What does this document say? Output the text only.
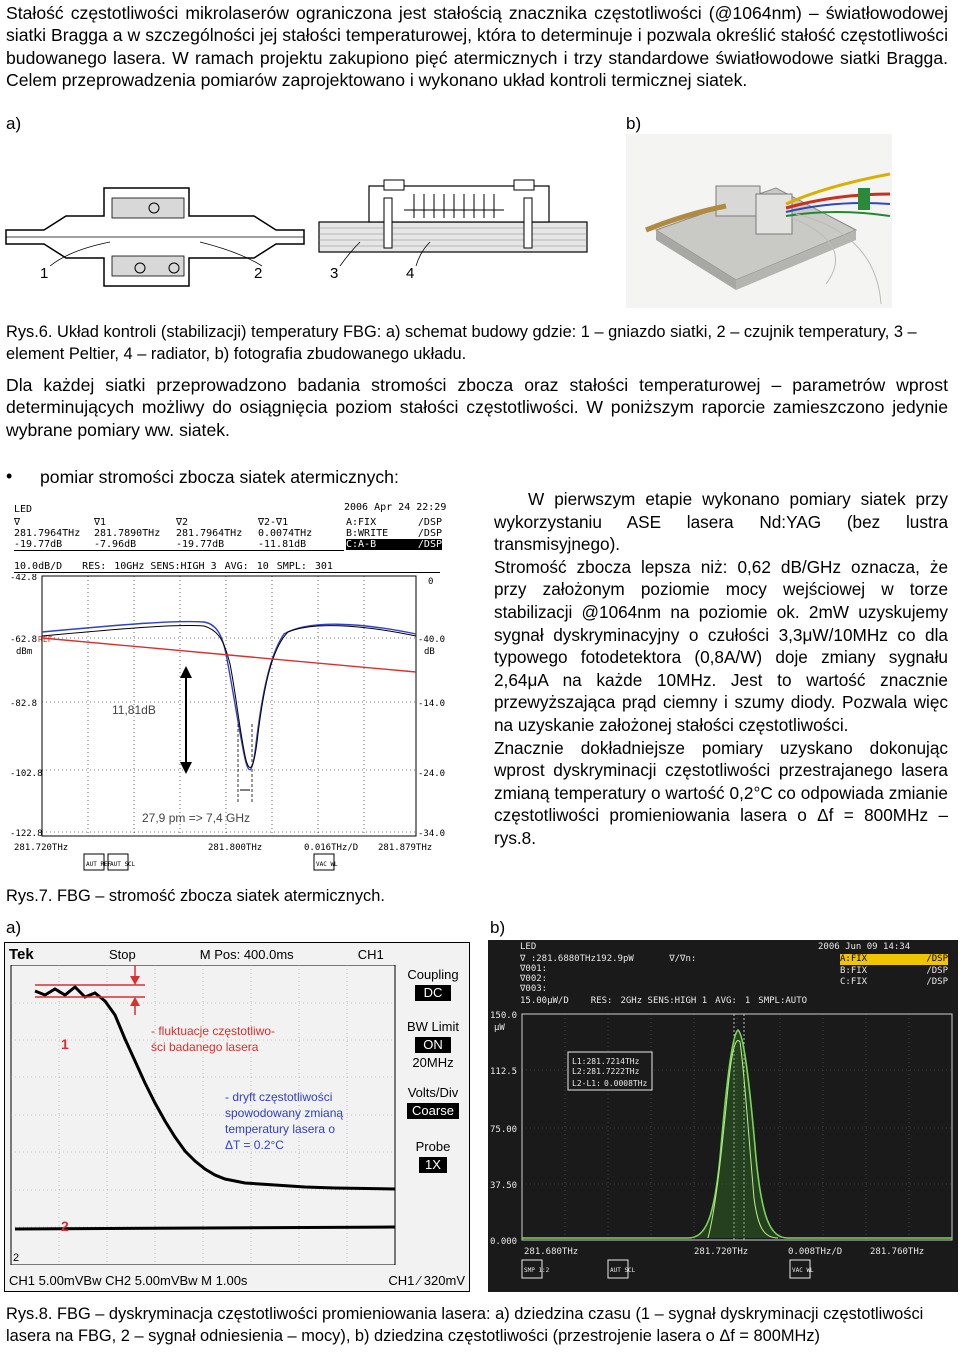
Stałość częstotliwości mikrolaserów ograniczona jest stałością znacznika częstotliwości (@1064nm) – światłowodowej siatki Bragga a w szczególności jej stałości temperaturowej, która to determinuje i pozwala określić stałość częstotliwości budowanego lasera. W ramach projektu zakupiono pięć atermicznych i trzy standardowe światłowodowe siatki Bragga. Celem przeprowadzenia pomiarów zaprojektowano i wykonano układ kontroli termicznej siatek.

a)	b)
1	2	3	4

Rys.6. Układ kontroli (stabilizacji) temperatury FBG: a) schemat budowy gdzie: 1 – gniazdo siatki, 2 – czujnik temperatury, 3 – element Peltier, 4 – radiator, b) fotografia zbudowanego układu.

Dla każdej siatki przeprowadzono badania stromości zbocza oraz stałości temperaturowej – parametrów wprost determinujących możliwy do osiągnięcia poziom stałości częstotliwości. W poniższym raporcie zamieszczono jedynie wybrane pomiary ww. siatek.

• pomiar stromości zbocza siatek atermicznych:
LED	2006 Apr 24 22:29
∇
281.7964THz
-19.77dB
∇1
281.7890THz
-7.96dB
∇2
281.7964THz
-19.77dB
∇2-∇1
0.0074THz
-11.81dB
A:FIX	/DSP
B:WRITE	/DSP
C:A-B	/DSP
10.0dB/D RES: 10GHz SENS:HIGH 3 AVG: 10 SMPL: 301
-42.8
-62.8
dBm
-82.8
-102.8
-122.8
REF
0
-40.0
dB
-14.0
-24.0
-34.0
11,81dB
27,9 pm => 7,4 GHz
281.720THz	281.800THz	0.016THz/D 281.879THz
AUT REF
AUT SCL	VAC WL

W pierwszym etapie wykonano pomiary siatek przy wykorzystaniu ASE lasera Nd:YAG (bez lustra transmisyjnego).

Stromość zbocza lepsza niż: 0,62 dB/GHz oznacza, że przy założonym poziomie mocy wejściowej w torze stabilizacji @1064nm na poziomie ok. 2mW uzyskujemy sygnał dyskryminacyjny o czułości 3,3μW/10MHz co dla typowego fotodetektora (0,8A/W) doje zmiany sygnału 2,64μA na każde 10MHz. Jest to wartość znacznie przewyższająca prąd ciemny i szumy diody. Pozwala więc na uzyskanie założonej stałości częstotliwości.

Znacznie dokładniejsze pomiary uzyskano dokonując wprost dyskryminacji częstotliwości przestrajanego lasera zmianą temperatury o wartość 0,2°C co odpowiada zmianie częstotliwości promieniowania lasera o Δf = 800MHz – rys.8.

Rys.7. FBG – stromość zbocza siatek atermicznych.

a)	b)
Tek	Stop	M Pos: 400.0ms	CH1
1
2
- fluktuacje częstotliwo-
ści badanego lasera
- dryft częstotliwości
spowodowany zmianą
temperatury lasera o
ΔT = 0.2°C
2
Coupling
DC
BW Limit
ON
20MHz
Volts/Div
Coarse
Probe
1X
CH1 5.00mVBw CH2 5.00mVBw M 1.00s	CH1 ∕ 320mV
LED	2006 Jun 09 14:34
∇ :281.6880THz192.9pW	∇/∇n:
∇001:
∇002:
∇003:
A:FIX	/DSP
B:FIX	/DSP
C:FIX	/DSP
15.00μW/D RES: 2GHz SENS:HIGH 1 AVG: 1 SMPL:AUTO
150.0
μW
112.5
75.00
37.50
0.000
L1:281.7214THz
L2:281.7222THz
L2-L1: 0.0008THz
281.680THz	281.720THz	0.008THz/D	281.760THz
SMP 1:2	AUT SCL	VAC WL

Rys.8. FBG – dyskryminacja częstotliwości promieniowania lasera: a) dziedzina czasu (1 – sygnał dyskryminacji częstotliwości lasera na FBG, 2 – sygnał odniesienia – mocy), b) dziedzina częstotliwości (przestrojenie lasera o Δf = 800MHz)
